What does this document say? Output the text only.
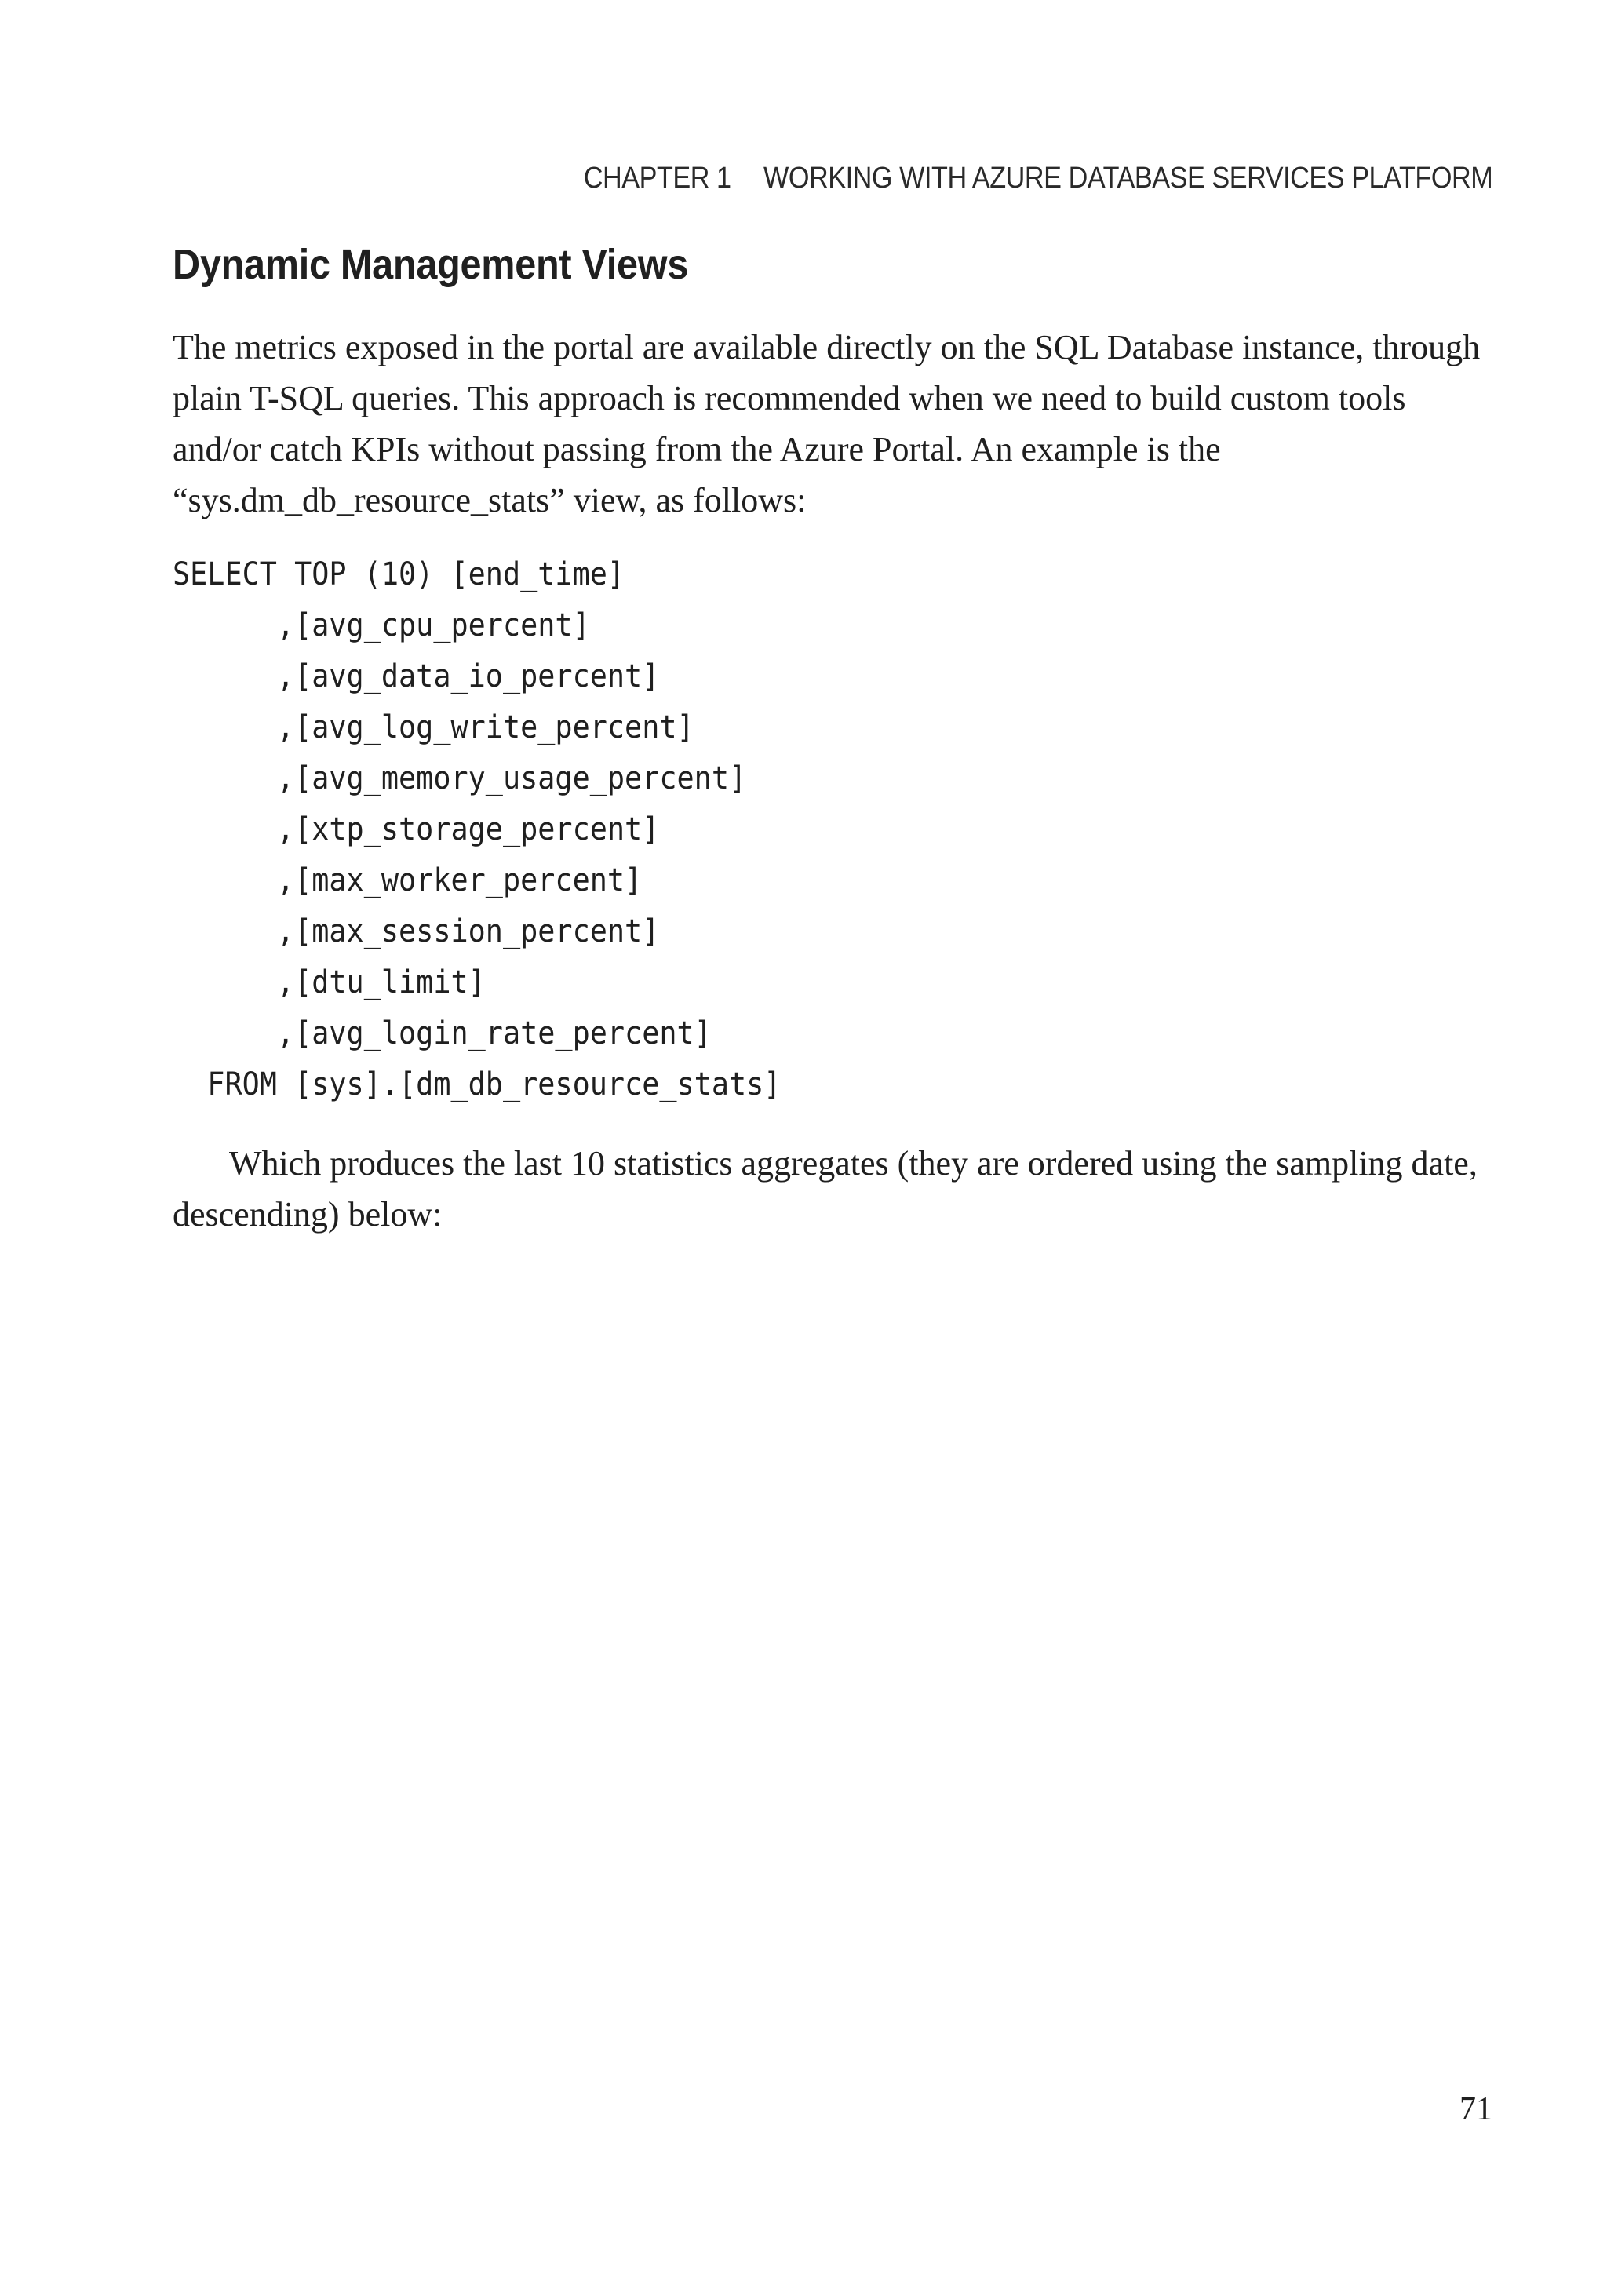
CHAPTER 1 WORKING WITH AZURE DATABASE SERVICES PLATFORM
Dynamic Management Views

The metrics exposed in the portal are available directly on the SQL Database instance, through plain T-SQL queries. This approach is recommended when we need to build custom tools and/or catch KPIs without passing from the Azure Portal. An example is the “sys.dm_db_resource_stats” view, as follows:

SELECT TOP (10) [end_time]
,[avg_cpu_percent]
,[avg_data_io_percent]
,[avg_log_write_percent]
,[avg_memory_usage_percent]
,[xtp_storage_percent]
,[max_worker_percent]
,[max_session_percent]
,[dtu_limit]
,[avg_login_rate_percent]
FROM [sys].[dm_db_resource_stats]

Which produces the last 10 statistics aggregates (they are ordered using the sampling date, descending) below:

71
